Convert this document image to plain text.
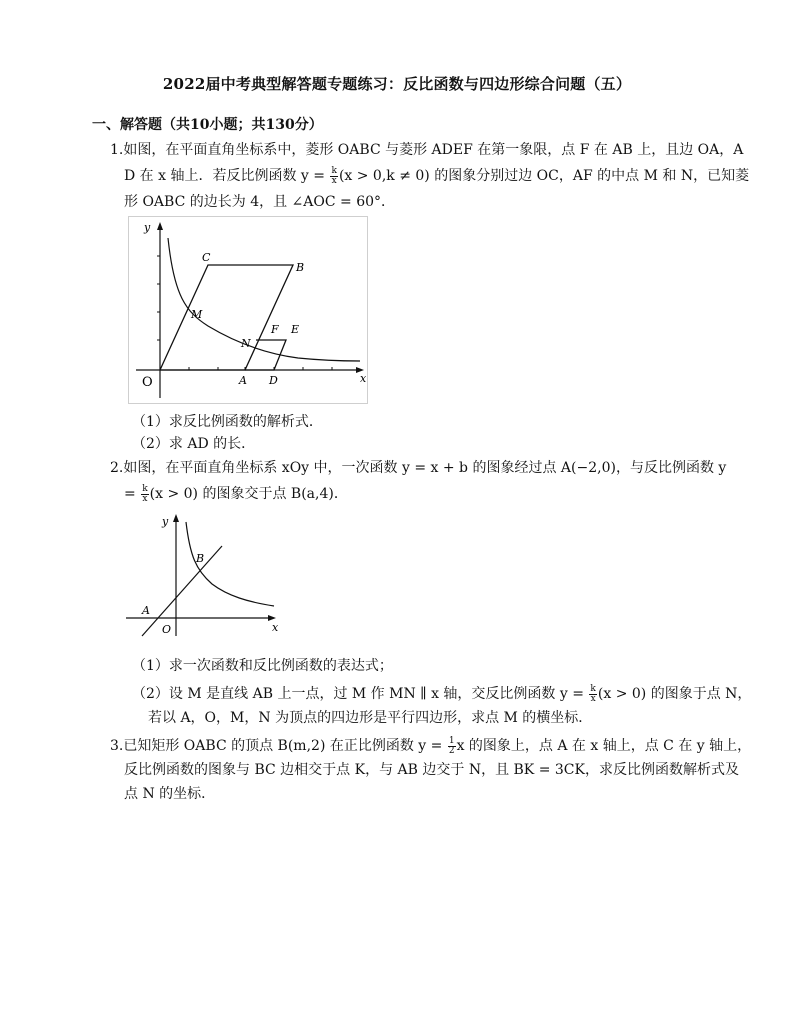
2022届中考典型解答题专题练习：反比函数与四边形综合问题（五）
一、解答题（共10小题；共130分）
1.如图，在平面直角坐标系中，菱形 OABC 与菱形 ADEF 在第一象限，点 F 在 AB 上，且边 OA，A
D 在 x 轴上．若反比例函数 $y = \frac{k}{x} (x > 0,k \ne 0)$ 的图象分别过边 OC，AF 的中点 M 和 N，已知菱
形 OABC 的边长为 4，且 ∠AOC = 60°．
y
x
O	A D
C
B
M
N
F E
（1）求反比例函数的解析式．
（2）求 AD 的长．
2.如图，在平面直角坐标系 xOy 中，一次函数 y = x + b 的图象经过点 A(−2,0)，与反比例函数 y
= $\frac{k}{x} (x > 0)$ 的图象交于点 B(a,4)．
y
x
O
A
B
（1）求一次函数和反比例函数的表达式；
（2）设 M 是直线 AB 上一点，过 M 作 MN ∥ x 轴，交反比例函数 $y = \frac{k}{x} (x > 0)$ 的图象于点 N，
若以 A，O，M，N 为顶点的四边形是平行四边形，求点 M 的横坐标．
3.已知矩形 OABC 的顶点 B(m,2) 在正比例函数 $y = \frac{1}{2}$ x 的图象上，点 A 在 x 轴上，点 C 在 y 轴上，
反比例函数的图象与 BC 边相交于点 K，与 AB 边交于 N，且 BK = 3CK，求反比例函数解析式及
点 N 的坐标．
